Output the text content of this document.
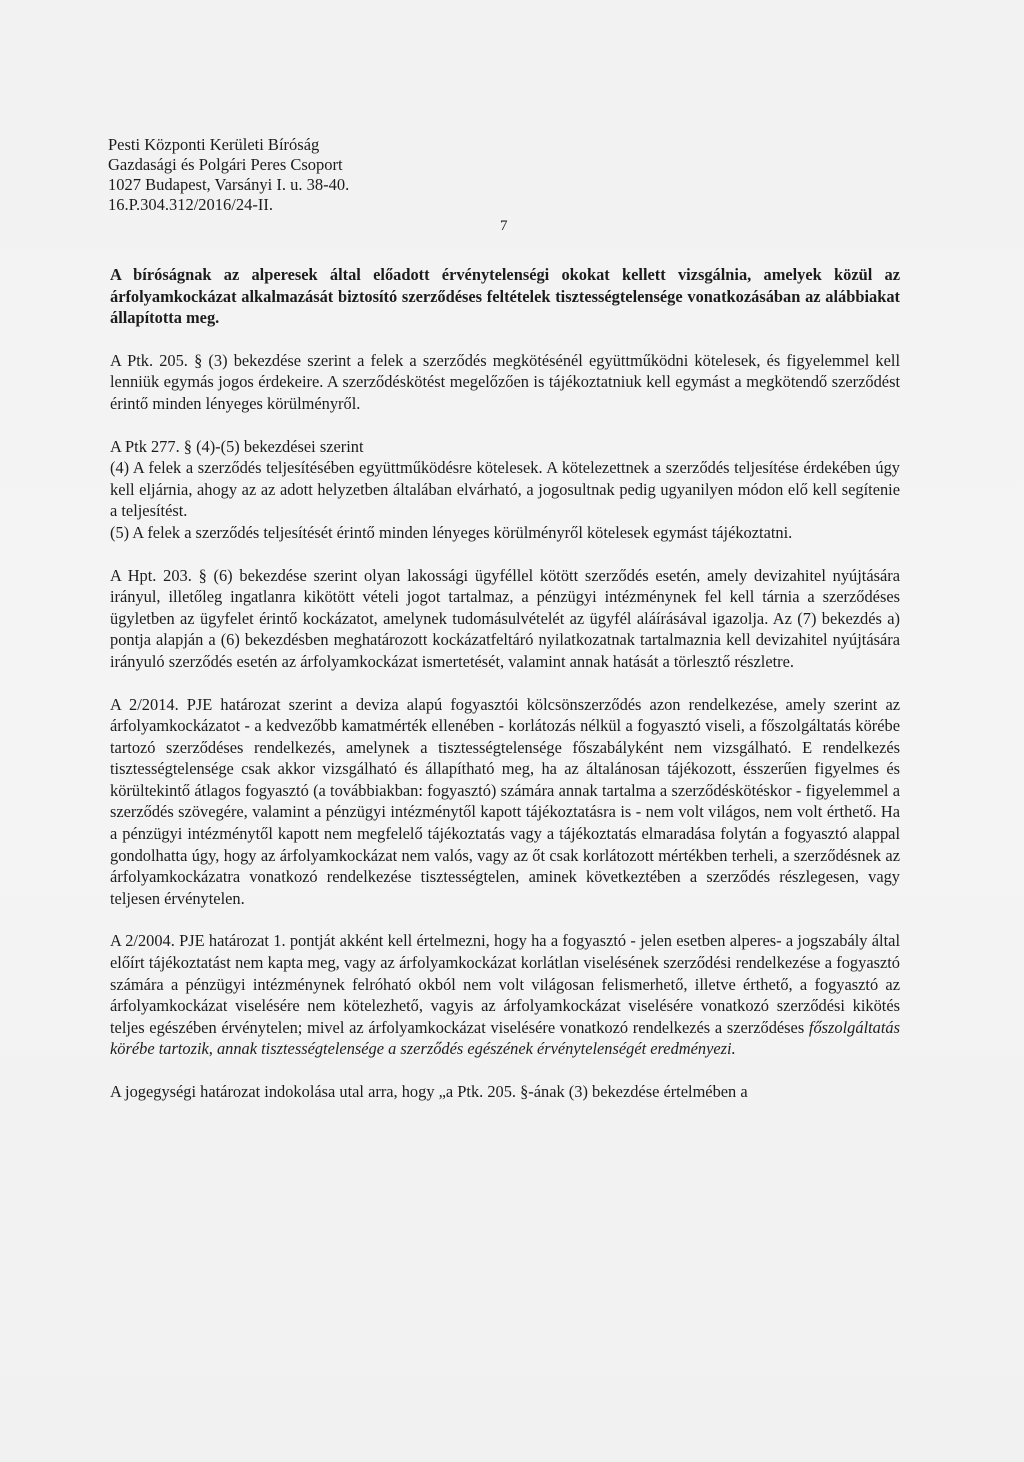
Pesti Központi Kerületi Bíróság
Gazdasági és Polgári Peres Csoport
1027 Budapest, Varsányi I. u. 38-40.
16.P.304.312/2016/24-II.
7

A bíróságnak az alperesek által előadott érvénytelenségi okokat kellett vizsgálnia, amelyek közül az árfolyamkockázat alkalmazását biztosító szerződéses feltételek tisztességtelensége vonatkozásában az alábbiakat állapította meg.

A Ptk. 205. § (3) bekezdése szerint a felek a szerződés megkötésénél együttműködni kötelesek, és figyelemmel kell lenniük egymás jogos érdekeire. A szerződéskötést megelőzően is tájékoztatniuk kell egymást a megkötendő szerződést érintő minden lényeges körülményről.

A Ptk 277. § (4)-(5) bekezdései szerint
(4) A felek a szerződés teljesítésében együttműködésre kötelesek. A kötelezettnek a szerződés teljesítése érdekében úgy kell eljárnia, ahogy az az adott helyzetben általában elvárható, a jogosultnak pedig ugyanilyen módon elő kell segítenie a teljesítést.
(5) A felek a szerződés teljesítését érintő minden lényeges körülményről kötelesek egymást tájékoztatni.

A Hpt. 203. § (6) bekezdése szerint olyan lakossági ügyféllel kötött szerződés esetén, amely devizahitel nyújtására irányul, illetőleg ingatlanra kikötött vételi jogot tartalmaz, a pénzügyi intézménynek fel kell tárnia a szerződéses ügyletben az ügyfelet érintő kockázatot, amelynek tudomásulvételét az ügyfél aláírásával igazolja. Az (7) bekezdés a) pontja alapján a (6) bekezdésben meghatározott kockázatfeltáró nyilatkozatnak tartalmaznia kell devizahitel nyújtására irányuló szerződés esetén az árfolyamkockázat ismertetését, valamint annak hatását a törlesztő részletre.

A 2/2014. PJE határozat szerint a deviza alapú fogyasztói kölcsönszerződés azon rendelkezése, amely szerint az árfolyamkockázatot - a kedvezőbb kamatmérték ellenében - korlátozás nélkül a fogyasztó viseli, a főszolgáltatás körébe tartozó szerződéses rendelkezés, amelynek a tisztességtelensége főszabályként nem vizsgálható. E rendelkezés tisztességtelensége csak akkor vizsgálható és állapítható meg, ha az általánosan tájékozott, ésszerűen figyelmes és körültekintő átlagos fogyasztó (a továbbiakban: fogyasztó) számára annak tartalma a szerződéskötéskor - figyelemmel a szerződés szövegére, valamint a pénzügyi intézménytől kapott tájékoztatásra is - nem volt világos, nem volt érthető. Ha a pénzügyi intézménytől kapott nem megfelelő tájékoztatás vagy a tájékoztatás elmaradása folytán a fogyasztó alappal gondolhatta úgy, hogy az árfolyamkockázat nem valós, vagy az őt csak korlátozott mértékben terheli, a szerződésnek az árfolyamkockázatra vonatkozó rendelkezése tisztességtelen, aminek következtében a szerződés részlegesen, vagy teljesen érvénytelen.

A 2/2004. PJE határozat 1. pontját akként kell értelmezni, hogy ha a fogyasztó - jelen esetben alperes- a jogszabály által előírt tájékoztatást nem kapta meg, vagy az árfolyamkockázat korlátlan viselésének szerződési rendelkezése a fogyasztó számára a pénzügyi intézménynek felróható okból nem volt világosan felismerhető, illetve érthető, a fogyasztó az árfolyamkockázat viselésére nem kötelezhető, vagyis az árfolyamkockázat viselésére vonatkozó szerződési kikötés teljes egészében érvénytelen; mivel az árfolyamkockázat viselésére vonatkozó rendelkezés a szerződéses főszolgáltatás körébe tartozik, annak tisztességtelensége a szerződés egészének érvénytelenségét eredményezi.

A jogegységi határozat indokolása utal arra, hogy „a Ptk. 205. §-ának (3) bekezdése értelmében a
